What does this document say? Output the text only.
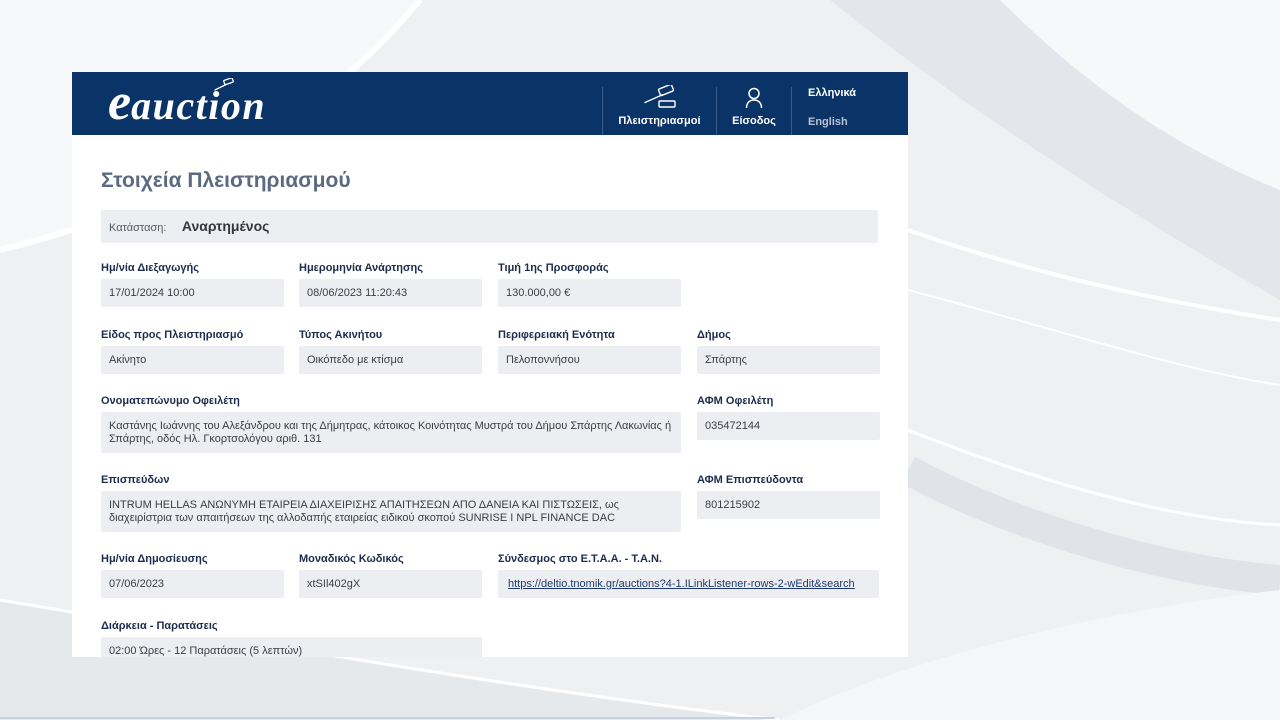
eauction	Πλειστηριασμοί	Είσοδος
Ελληνικά
English
Στοιχεία Πλειστηριασμού
Κατάσταση: Αναρτημένος
Ημ/νία Διεξαγωγής
17/01/2024 10:00
Ημερομηνία Ανάρτησης
08/06/2023 11:20:43
Τιμή 1ης Προσφοράς
130.000,00 €
Είδος προς Πλειστηριασμό
Ακίνητο
Τύπος Ακινήτου
Οικόπεδο με κτίσμα
Περιφερειακή Ενότητα
Πελοποννήσου
Δήμος
Σπάρτης
Ονοματεπώνυμο Οφειλέτη
Καστάνης Ιωάννης του Αλεξάνδρου και της Δήμητρας, κάτοικος Κοινότητας Μυστρά του Δήμου Σπάρτης Λακωνίας ή Σπάρτης, οδός Ηλ. Γκορτσολόγου αριθ. 131
ΑΦΜ Οφειλέτη
035472144
Επισπεύδων
INTRUM HELLAS ΑΝΩΝΥΜΗ ΕΤΑΙΡΕΙΑ ΔΙΑΧΕΙΡΙΣΗΣ ΑΠΑΙΤΗΣΕΩΝ ΑΠΟ ΔΑΝΕΙΑ ΚΑΙ ΠΙΣΤΩΣΕΙΣ, ως διαχειρίστρια των απαιτήσεων της αλλοδαπής εταιρείας ειδικού σκοπού SUNRISE I NPL FINANCE DAC
ΑΦΜ Επισπεύδοντα
801215902
Ημ/νία Δημοσίευσης
07/06/2023
Μοναδικός Κωδικός
xtSIl402gX
Σύνδεσμος στο Ε.Τ.Α.Α. - Τ.Α.Ν.
https://deltio.tnomik.gr/auctions?4-1.ILinkListener-rows-2-wEdit&search
Διάρκεια - Παρατάσεις
02:00 Ώρες - 12 Παρατάσεις (5 λεπτών)
